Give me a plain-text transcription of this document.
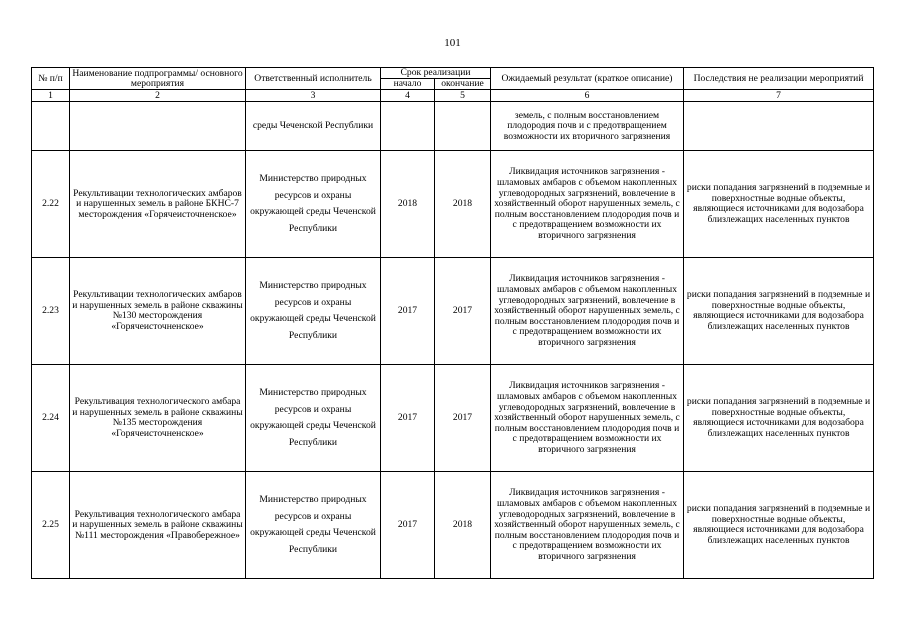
101
№ п/п	Наименование подпрограммы/ основного мероприятия	Ответственный исполнитель	Срок реализации		Ожидаемый результат (краткое описание)	Последствия не реализации мероприятий
			начало	окончание		
1	2	3	4	5	6	7
		среды Чеченской Республики			земель, с полным восстановлением плодородия почв и с предотвращением возможности их вторичного загрязнения	
2.22	Рекультивации технологических амбаров и нарушенных земель в районе БКНС-7 месторождения «Горячеисточненское»	Министерство природных ресурсов и охраны окружающей среды Чеченской Республики	2018	2018	Ликвидация источников загрязнения - шламовых амбаров с объемом накопленных углеводородных загрязнений, вовлечение в хозяйственный оборот нарушенных земель, с полным восстановлением плодородия почв и с предотвращением возможности их вторичного загрязнения	риски попадания загрязнений в подземные и поверхностные водные объекты, являющиеся источниками для водозабора близлежащих населенных пунктов
2.23	Рекультивации технологических амбаров и нарушенных земель в районе скважины №130 месторождения «Горячеисточненское»	Министерство природных ресурсов и охраны окружающей среды Чеченской Республики	2017	2017	Ликвидация источников загрязнения - шламовых амбаров с объемом накопленных углеводородных загрязнений, вовлечение в хозяйственный оборот нарушенных земель, с полным восстановлением плодородия почв и с предотвращением возможности их вторичного загрязнения	риски попадания загрязнений в подземные и поверхностные водные объекты, являющиеся источниками для водозабора близлежащих населенных пунктов
2.24	Рекультивация технологического амбара и нарушенных земель в районе скважины №135 месторождения «Горячеисточненское»	Министерство природных ресурсов и охраны окружающей среды Чеченской Республики	2017	2017	Ликвидация источников загрязнения - шламовых амбаров с объемом накопленных углеводородных загрязнений, вовлечение в хозяйственный оборот нарушенных земель, с полным восстановлением плодородия почв и с предотвращением возможности их вторичного загрязнения	риски попадания загрязнений в подземные и поверхностные водные объекты, являющиеся источниками для водозабора близлежащих населенных пунктов
2.25	Рекультивация технологического амбара и нарушенных земель в районе скважины №111 месторождения «Правобережное»	Министерство природных ресурсов и охраны окружающей среды Чеченской Республики	2017	2018	Ликвидация источников загрязнения - шламовых амбаров с объемом накопленных углеводородных загрязнений, вовлечение в хозяйственный оборот нарушенных земель, с полным восстановлением плодородия почв и с предотвращением возможности их вторичного загрязнения	риски попадания загрязнений в подземные и поверхностные водные объекты, являющиеся источниками для водозабора близлежащих населенных пунктов
